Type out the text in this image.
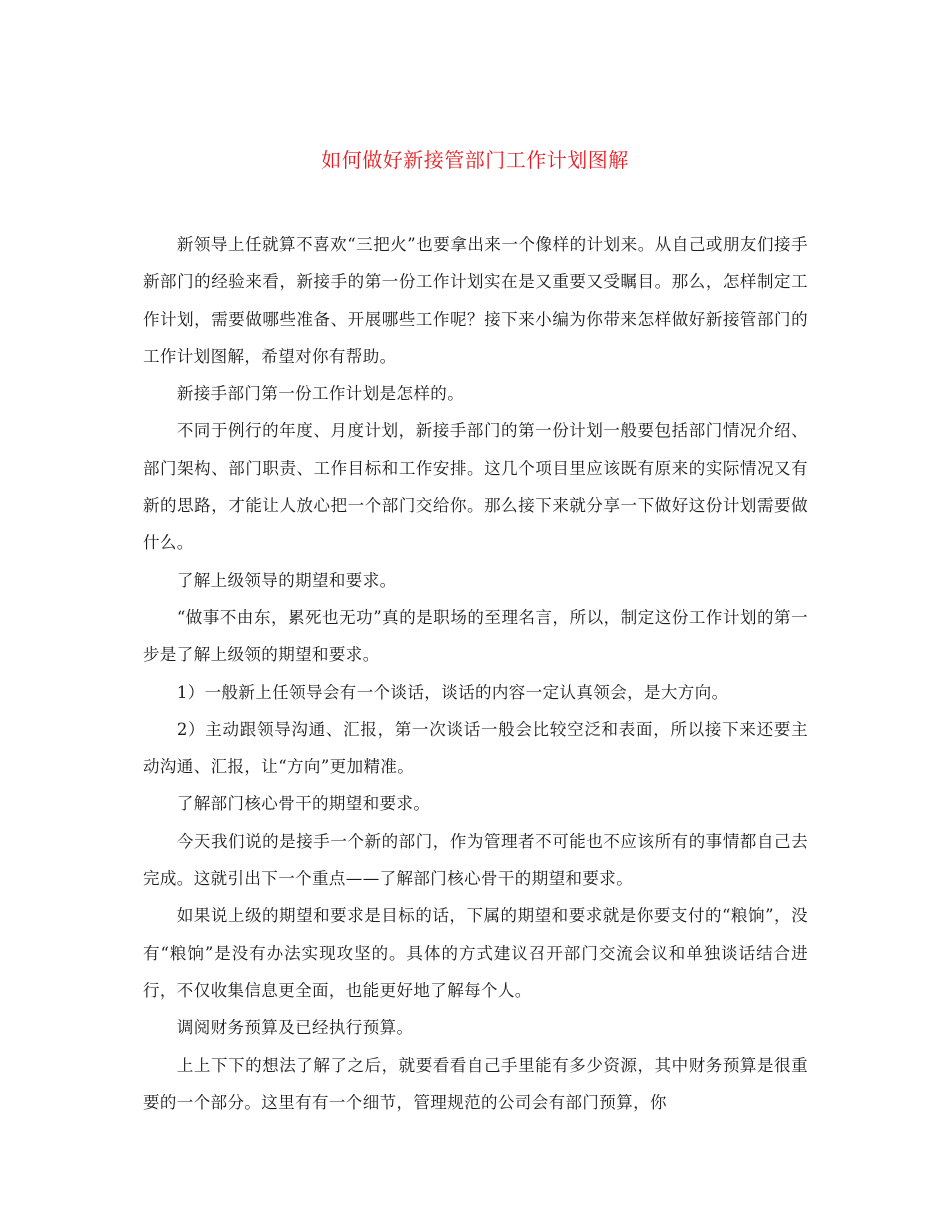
如何做好新接管部门工作计划图解

新领导上任就算不喜欢“三把火”也要拿出来一个像样的计划来。从自己或朋友们接手新部门的经验来看，新接手的第一份工作计划实在是又重要又受瞩目。那么，怎样制定工作计划，需要做哪些准备、开展哪些工作呢？接下来小编为你带来怎样做好新接管部门的工作计划图解，希望对你有帮助。

新接手部门第一份工作计划是怎样的。

不同于例行的年度、月度计划，新接手部门的第一份计划一般要包括部门情况介绍、部门架构、部门职责、工作目标和工作安排。这几个项目里应该既有原来的实际情况又有新的思路，才能让人放心把一个部门交给你。那么接下来就分享一下做好这份计划需要做什么。

了解上级领导的期望和要求。

“做事不由东，累死也无功”真的是职场的至理名言，所以，制定这份工作计划的第一步是了解上级领的期望和要求。

1）一般新上任领导会有一个谈话，谈话的内容一定认真领会，是大方向。

2）主动跟领导沟通、汇报，第一次谈话一般会比较空泛和表面，所以接下来还要主动沟通、汇报，让“方向”更加精准。

了解部门核心骨干的期望和要求。

今天我们说的是接手一个新的部门，作为管理者不可能也不应该所有的事情都自己去完成。这就引出下一个重点——了解部门核心骨干的期望和要求。

如果说上级的期望和要求是目标的话，下属的期望和要求就是你要支付的“粮饷”，没有“粮饷”是没有办法实现攻坚的。具体的方式建议召开部门交流会议和单独谈话结合进行，不仅收集信息更全面，也能更好地了解每个人。

调阅财务预算及已经执行预算。

上上下下的想法了解了之后，就要看看自己手里能有多少资源，其中财务预算是很重要的一个部分。这里有有一个细节，管理规范的公司会有部门预算，你
